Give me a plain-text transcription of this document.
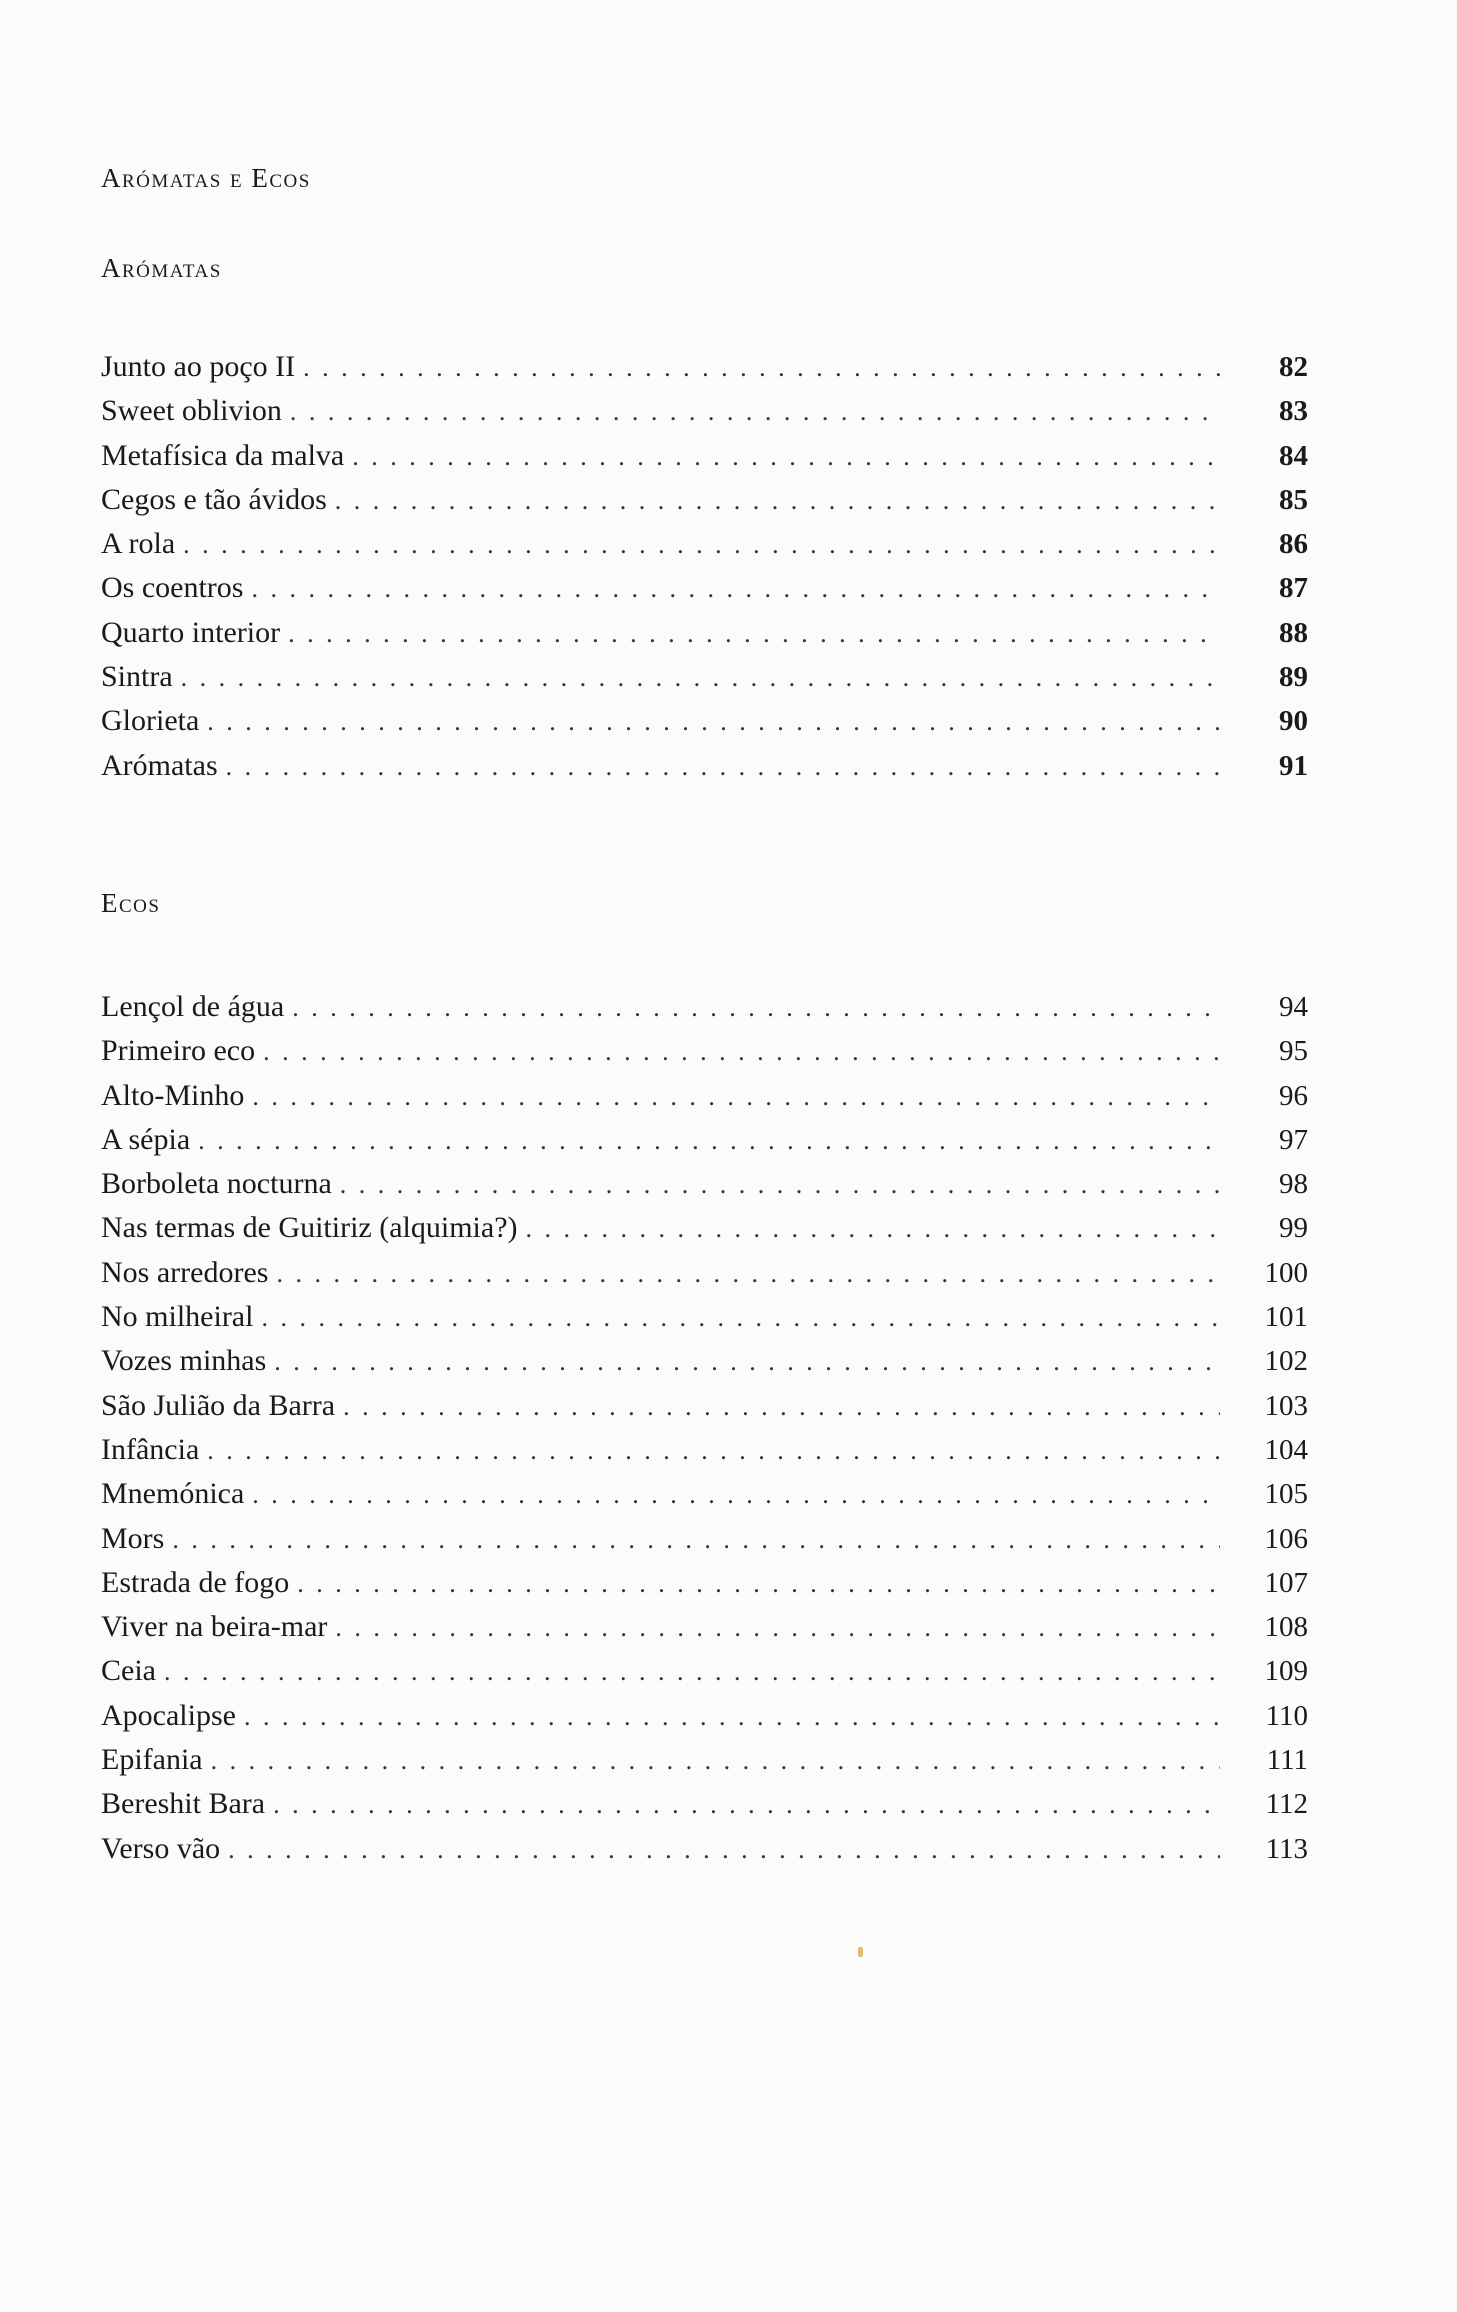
Arómatas e Ecos
Arómatas
Junto ao poço II . . .	82
Sweet oblivion . . .	83
Metafísica da malva . . .	84
Cegos e tão ávidos . . .	85
A rola . . .	86
Os coentros . . .	87
Quarto interior . . .	88
Sintra . . .	89
Glorieta . . .	90
Arómatas . . .	91
Ecos
Lençol de água . . .	94
Primeiro eco . . .	95
Alto-Minho . . .	96
A sépia . . .	97
Borboleta nocturna . . .	98
Nas termas de Guitiriz (alquimia?) . . .	99
Nos arredores . . .	100
No milheiral . . .	101
Vozes minhas . . .	102
São Julião da Barra . . .	103
Infância . . .	104
Mnemónica . . .	105
Mors . . .	106
Estrada de fogo . . .	107
Viver na beira-mar . . .	108
Ceia . . .	109
Apocalipse . . .	110
Epifania . . .	111
Bereshit Bara . . .	112
Verso vão . . .	113
